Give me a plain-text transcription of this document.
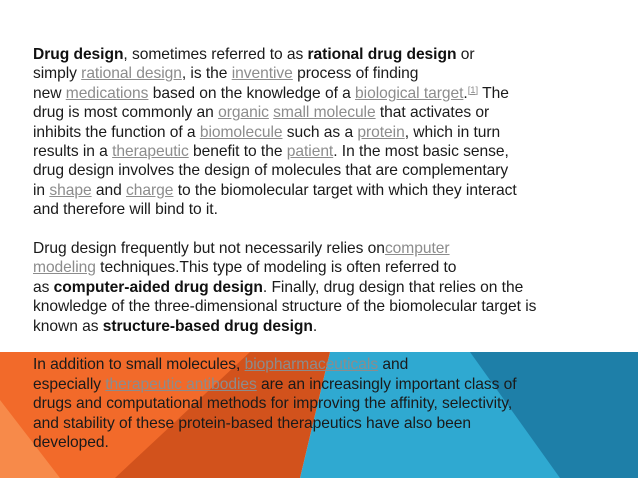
Drug design, sometimes referred to as rational drug design or
simply rational design, is the inventive process of finding
new medications based on the knowledge of a biological target.[1] The
drug is most commonly an organic small molecule that activates or
inhibits the function of a biomolecule such as a protein, which in turn
results in a therapeutic benefit to the patient. In the most basic sense,
drug design involves the design of molecules that are complementary
in shape and charge to the biomolecular target with which they interact
and therefore will bind to it.
Drug design frequently but not necessarily relies oncomputer
modeling techniques.This type of modeling is often referred to
as computer-aided drug design. Finally, drug design that relies on the
knowledge of the three-dimensional structure of the biomolecular target is
known as structure-based drug design.
In addition to small molecules, biopharmaceuticals and
especially therapeutic antibodies are an increasingly important class of
drugs and computational methods for improving the affinity, selectivity,
and stability of these protein-based therapeutics have also been
developed.
